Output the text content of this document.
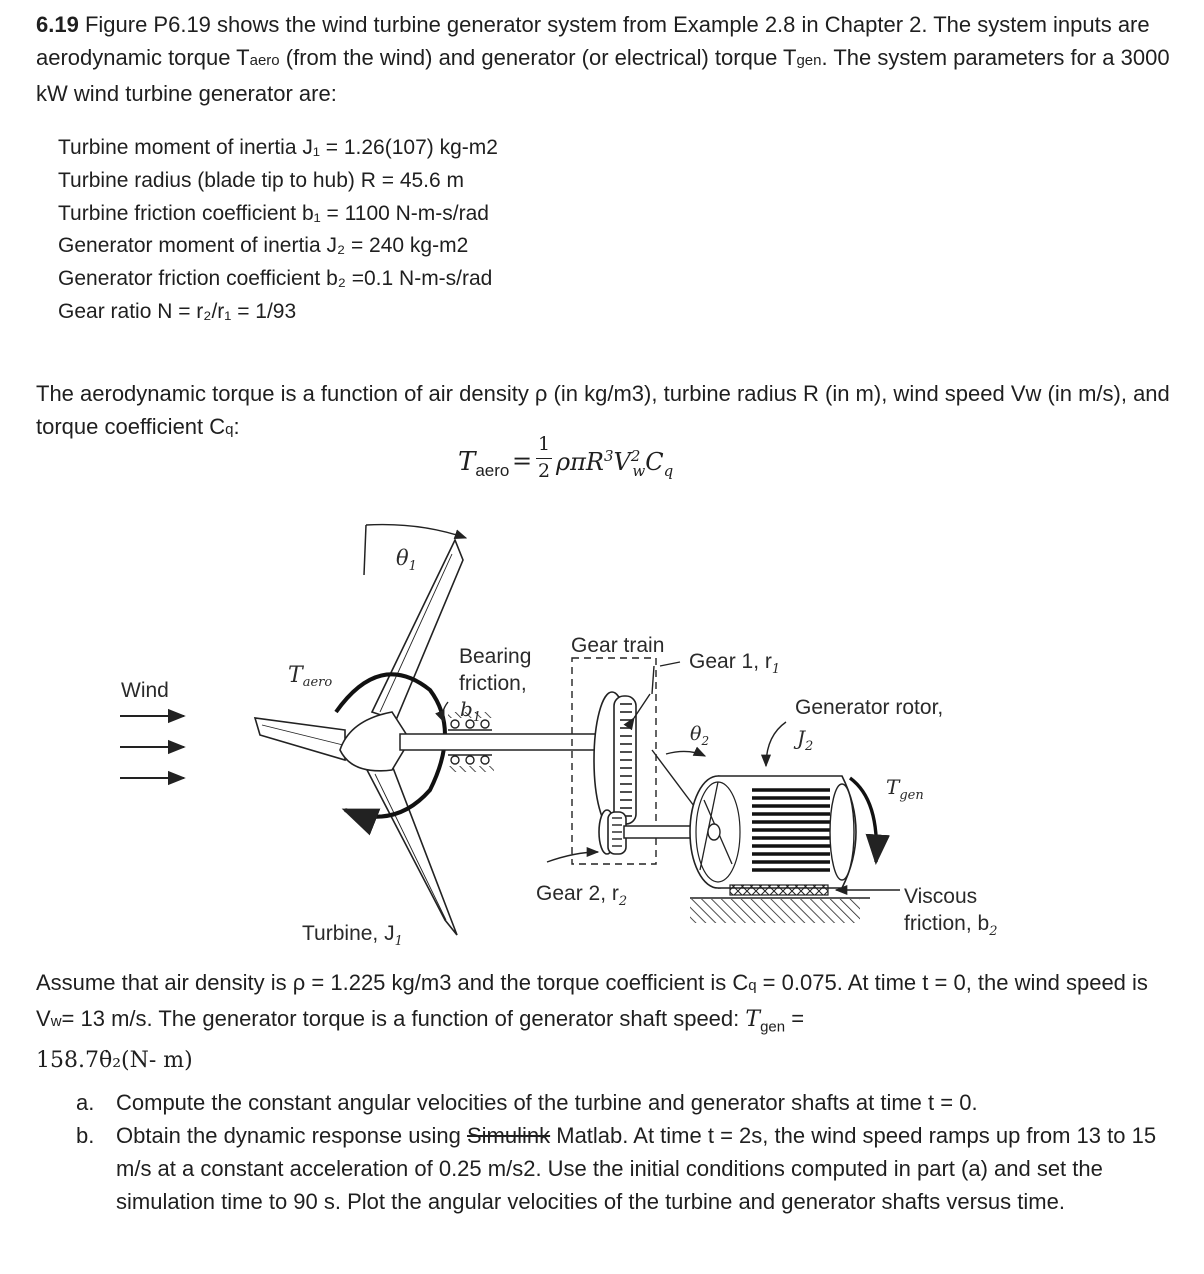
6.19 Figure P6.19 shows the wind turbine generator system from Example 2.8 in Chapter 2. The system inputs are aerodynamic torque Taero (from the wind) and generator (or electrical) torque Tgen. The system parameters for a 3000 kW wind turbine generator are:

Turbine moment of inertia J₁ = 1.26(107) kg-m2
Turbine radius (blade tip to hub) R = 45.6 m
Turbine friction coefficient b₁ = 1100 N-m-s/rad
Generator moment of inertia J₂ = 240 kg-m2
Generator friction coefficient b₂ =0.1 N-m-s/rad
Gear ratio N = r₂/r₁ = 1/93

The aerodynamic torque is a function of air density ρ (in kg/m3), turbine radius R (in m), wind speed Vw (in m/s), and torque coefficient Cq:

$T_{aero}$ =
1
2 $\rho\pi R^3V^2_wC_q$
$\theta_1$
Taero
Wind
Bearing
friction,
$b_1$
Gear train
Gear 1, $r_1$
Gear 2, $r_2$
$\theta_2$
Generator rotor,
$J_2$
$T_{gen}$
Viscous
friction, $b_2$
Turbine, $J_1$
Assume that air density is ρ = 1.225 kg/m3 and the torque coefficient is Cq = 0.075. At time t = 0, the wind speed is Vw= 13 m/s. The generator torque is a function of generator shaft speed: $T_{gen}$ =
158.7θ̇₂(N- m)
a. Compute the constant angular velocities of the turbine and generator shafts at time t = 0.
b. Obtain the dynamic response using Simulink Matlab. At time t = 2s, the wind speed ramps up from 13 to 15 m/s at a constant acceleration of 0.25 m/s2. Use the initial conditions computed in part (a) and set the simulation time to 90 s. Plot the angular velocities of the turbine and generator shafts versus time.
